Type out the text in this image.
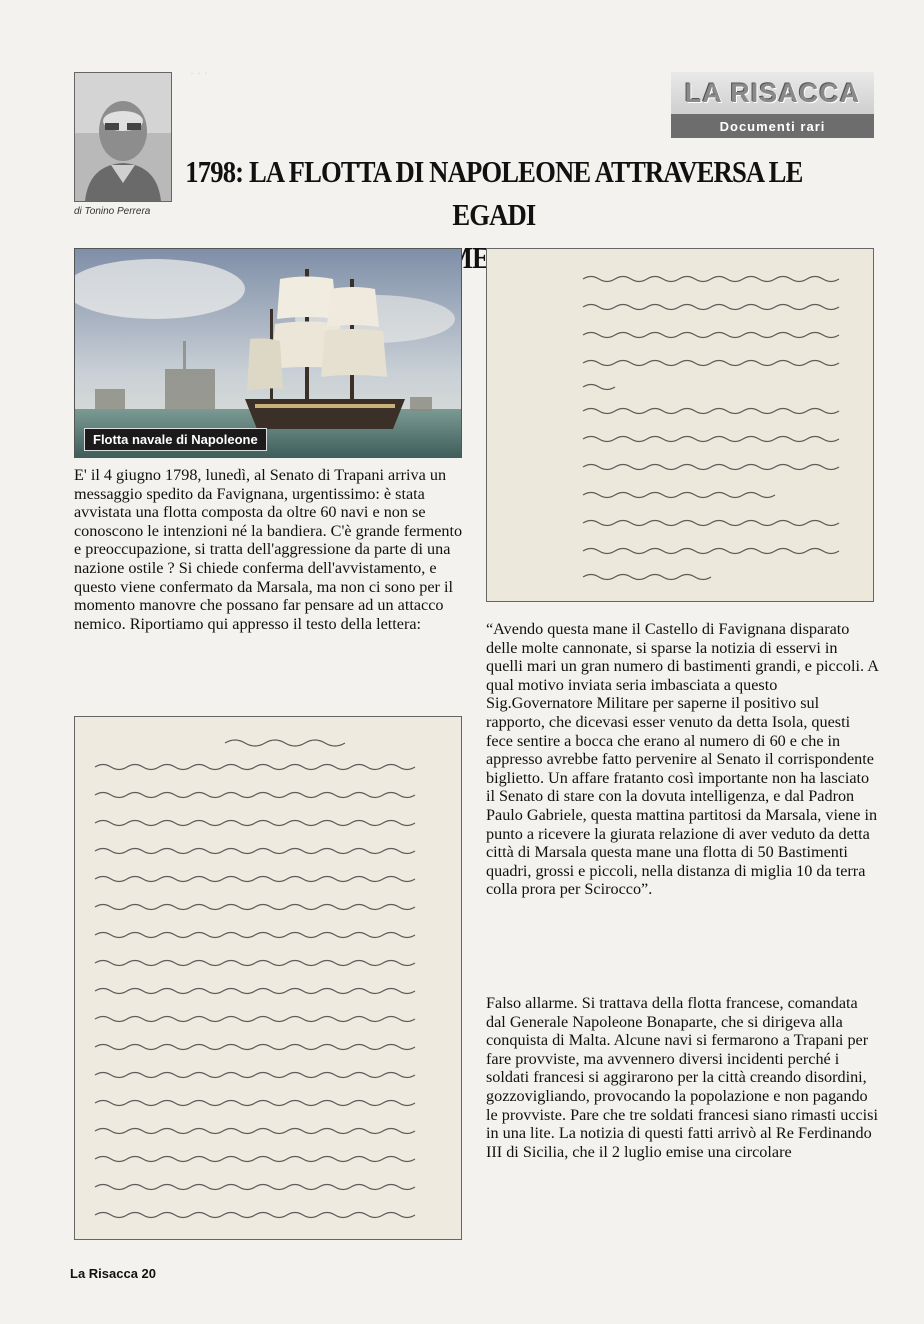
· · ·
di Tonino Perrera
LA RISACCA
Documenti rari
1798: LA FLOTTA DI NAPOLEONE ATTRAVERSA LE EGADI
Flotta navale di Napoleone
E' il 4 giugno 1798, lunedì, al Senato di Trapani arriva un messaggio spedito da Favignana, urgentissimo: è stata avvistata una flotta composta da oltre 60 navi e non se conoscono le intenzioni né la bandiera. C'è grande fermento e preoccupazione, si tratta dell'aggressione da parte di una nazione ostile ? Si chiede conferma dell'avvistamento, e questo viene confermato da Marsala, ma non ci sono per il momento manovre che possano far pensare ad un attacco nemico. Riportiamo qui appresso il testo della lettera:	“Avendo questa mane il Castello di Favignana disparato delle molte cannonate, si sparse la notizia di esservi in quelli mari un gran numero di bastimenti grandi, e piccoli. A qual motivo inviata seria imbasciata a questo Sig.Governatore Militare per saperne il positivo sul rapporto, che dicevasi esser venuto da detta Isola, questi fece sentire a bocca che erano al numero di 60 e che in appresso avrebbe fatto pervenire al Senato il corrispondente biglietto. Un affare fratanto così importante non ha lasciato il Senato di stare con la dovuta intelligenza, e dal Padron Paulo Gabriele, questa mattina partitosi da Marsala, viene in punto a ricevere la giurata relazione di aver veduto da detta città di Marsala questa mane una flotta di 50 Bastimenti quadri, grossi e piccoli, nella distanza di miglia 10 da terra colla prora per Scirocco”.
Falso allarme. Si trattava della flotta francese, comandata dal Generale Napoleone Bonaparte, che si dirigeva alla conquista di Malta. Alcune navi si fermarono a Trapani per fare provviste, ma avvennero diversi incidenti perché i soldati francesi si aggirarono per la città creando disordini, gozzovigliando, provocando la popolazione e non pagando le provviste. Pare che tre soldati francesi siano rimasti uccisi in una lite. La notizia di questi fatti arrivò al Re Ferdinando III di Sicilia, che il 2 luglio emise una circolare
La Risacca 20
